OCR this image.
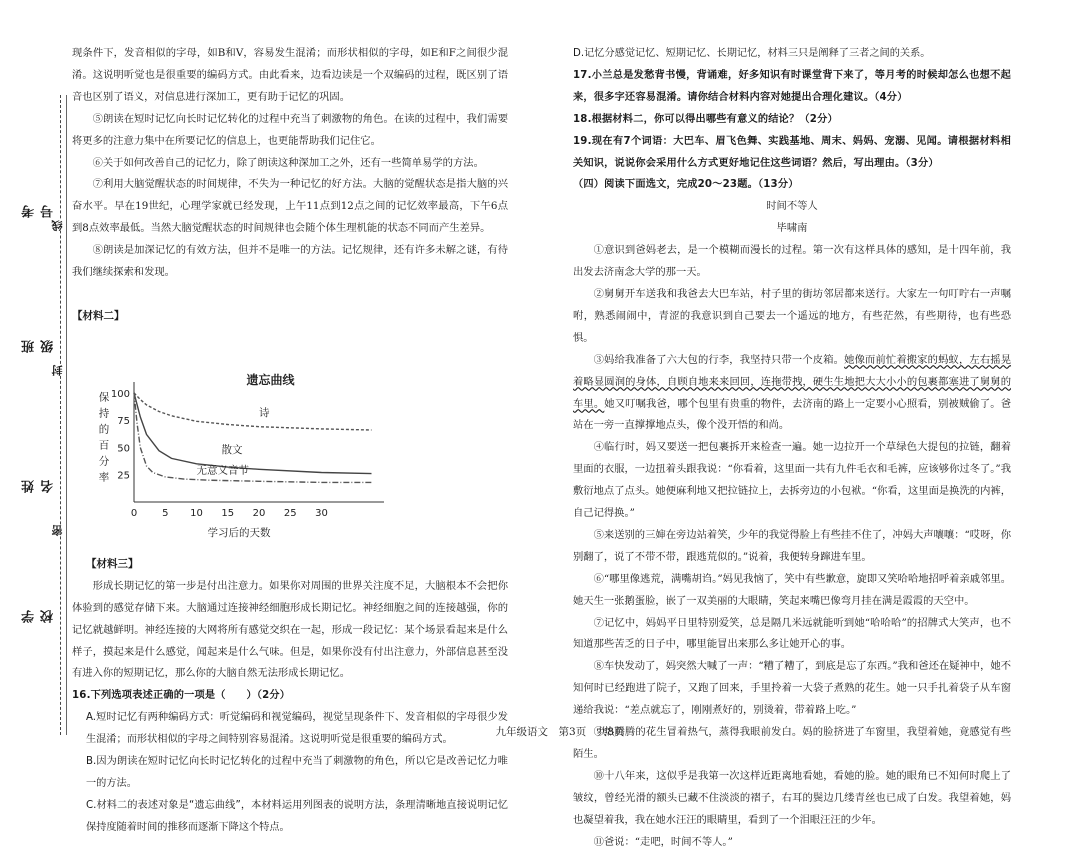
考号
班级
姓名
学校
线
封
密

现条件下，发音相似的字母，如B和V，容易发生混淆；而形状相似的字母，如E和F之间很少混淆。这说明听觉也是很重要的编码方式。由此看来，边看边读是一个双编码的过程，既区别了语音也区别了语义，对信息进行深加工，更有助于记忆的巩固。

⑤朗读在短时记忆向长时记忆转化的过程中充当了刺激物的角色。在读的过程中，我们需要将更多的注意力集中在所要记忆的信息上，也更能帮助我们记住它。

⑥关于如何改善自己的记忆力，除了朗读这种深加工之外，还有一些简单易学的方法。

⑦利用大脑觉醒状态的时间规律，不失为一种记忆的好方法。大脑的觉醒状态是指大脑的兴奋水平。早在19世纪，心理学家就已经发现，上午11点到12点之间的记忆效率最高，下午6点到8点效率最低。当然大脑觉醒状态的时间规律也会随个体生理机能的状态不同而产生差异。

⑧朗读是加深记忆的有效方法，但并不是唯一的方法。记忆规律，还有许多未解之谜，有待我们继续探索和发现。

【材料二】
遗忘曲线
0 5 10 15 20 25 30
25
50
75
100
学习后的天数
保
持
的
百
分
率
诗
散文
无意义音节
【材料三】

形成长期记忆的第一步是付出注意力。如果你对周围的世界关注度不足，大脑根本不会把你体验到的感觉存储下来。大脑通过连接神经细胞形成长期记忆。神经细胞之间的连接越强，你的记忆就越鲜明。神经连接的大网将所有感觉交织在一起，形成一段记忆：某个场景看起来是什么样子，摸起来是什么感觉，闻起来是什么气味。但是，如果你没有付出注意力，外部信息甚至没有进入你的短期记忆，那么你的大脑自然无法形成长期记忆。

16.下列选项表述正确的一项是（　　）（2分）

A.短时记忆有两种编码方式：听觉编码和视觉编码，视觉呈现条件下、发音相似的字母很少发生混淆；而形状相似的字母之间特别容易混淆。这说明听觉是很重要的编码方式。

B.因为朗读在短时记忆向长时记忆转化的过程中充当了刺激物的角色，所以它是改善记忆力唯一的方法。

C.材料二的表述对象是“遗忘曲线”，本材料运用列图表的说明方法，条理清晰地直接说明记忆保持度随着时间的推移而逐渐下降这个特点。

D.记忆分感觉记忆、短期记忆、长期记忆，材料三只是阐释了三者之间的关系。

17.小兰总是发愁背书慢，背诵难，好多知识有时课堂背下来了，等月考的时候却怎么也想不起来，很多字还容易混淆。请你结合材料内容对她提出合理化建议。（4分）

18.根据材料二，你可以得出哪些有意义的结论？（2分）

19.现在有7个词语：大巴车、眉飞色舞、实践基地、周末、妈妈、宠溺、见闻。请根据材料相关知识，说说你会采用什么方式更好地记住这些词语？然后，写出理由。（3分）

（四）阅读下面选文，完成20～23题。（13分）

时间不等人
毕啸南

①意识到爸妈老去，是一个模糊而漫长的过程。第一次有这样具体的感知，是十四年前，我出发去济南念大学的那一天。

②舅舅开车送我和我爸去大巴车站，村子里的街坊邻居都来送行。大家左一句叮咛右一声嘱咐，熟悉闹闹中，青涩的我意识到自己要去一个遥远的地方，有些茫然，有些期待，也有些恐惧。

③妈给我准备了六大包的行李，我坚持只带一个皮箱。她像而前忙着搬家的蚂蚁，左右摇晃着略显圆润的身体，自顾自地来来回回，连拖带拽，硬生生地把大大小小的包裹都塞进了舅舅的车里。她又叮嘱我爸，哪个包里有贵重的物件，去济南的路上一定要小心照看，别被贼偷了。爸站在一旁一直撑撑地点头，像个没开悟的和尚。

④临行时，妈又要送一把包裹拆开来检查一遍。她一边拉开一个草绿色大提包的拉链，翻着里面的衣服，一边扭着头跟我说：“你看着，这里面一共有九件毛衣和毛裤，应该够你过冬了。”我敷衍地点了点头。她便麻利地又把拉链拉上，去拆旁边的小包袱。“你看，这里面是换洗的内裤，自己记得换。”

⑤来送别的三婶在旁边站着笑，少年的我觉得脸上有些挂不住了，冲妈大声嚷嚷：“哎呀，你别翻了，说了不带不带，跟逃荒似的。”说着，我便转身蹿进车里。

⑥“哪里像逃荒，满嘴胡诌。”妈见我恼了，笑中有些歉意，旋即又笑哈哈地招呼着亲戚邻里。她天生一张鹅蛋脸，嵌了一双美丽的大眼睛，笑起来嘴巴像弯月挂在满是霞霞的天空中。

⑦记忆中，妈妈平日里特别爱笑，总是隔几米远就能听到她“哈哈哈”的招牌式大笑声，也不知道那些苦乏的日子中，哪里能冒出来那么多让她开心的事。

⑧车快发动了，妈突然大喊了一声：“糟了糟了，到底是忘了东西。”我和爸还在疑神中，她不知何时已经跑进了院子，又跑了回来，手里拎着一大袋子煮熟的花生。她一只手扎着袋子从车窗递给我说：“差点就忘了，刚刚煮好的，别烫着，带着路上吃。”

⑨热腾腾的花生冒着热气，蒸得我眼前发白。妈的脸挤进了车窗里，我望着她，竟感觉有些陌生。

⑩十八年来，这似乎是我第一次这样近距离地看她，看她的脸。她的眼角已不知何时爬上了皱纹，曾经光滑的额头已藏不住淡淡的褶子，右耳的鬓边几缕青丝也已成了白发。我望着她，妈也凝望着我，我在她水汪汪的眼睛里，看到了一个泪眼汪汪的少年。

⑪爸说：“走吧，时间不等人。”

九年级语文　第3页　共8页
